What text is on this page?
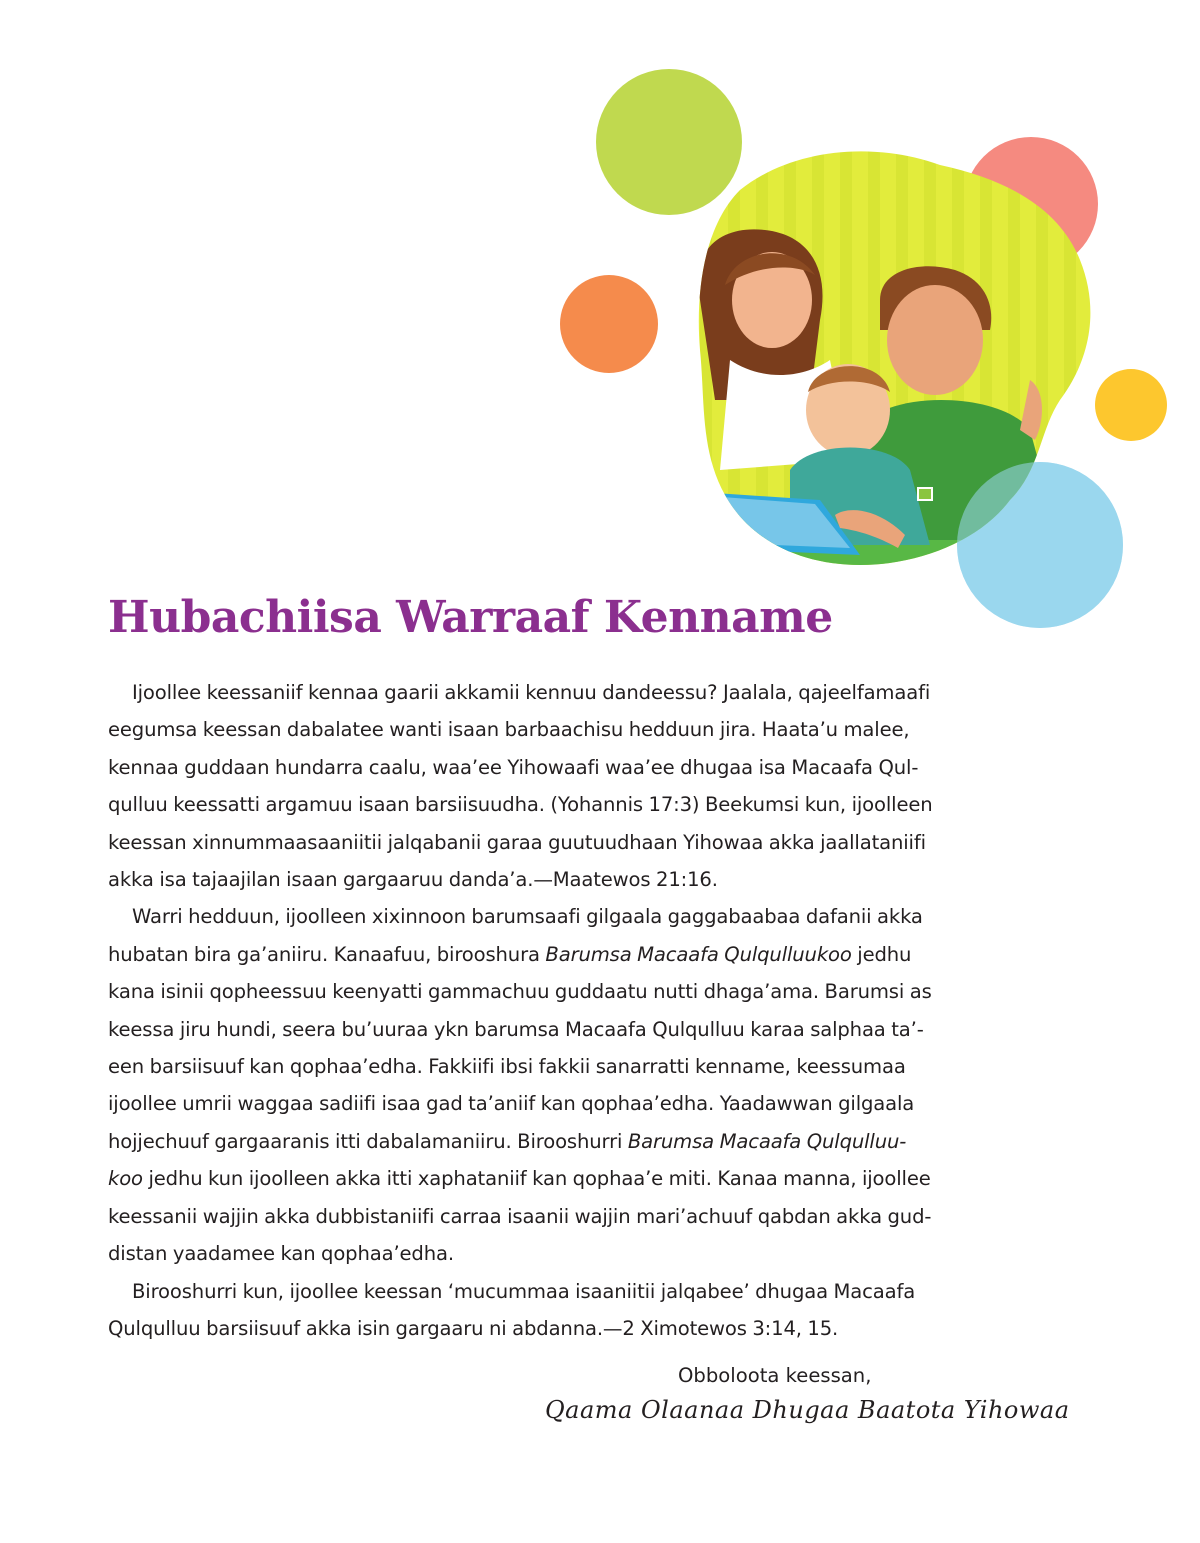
Hubachiisa Warraaf Kenname

Ijoollee keessaniif kennaa gaarii akkamii kennuu dandeessu? Jaalala, qajeelfamaafi
eegumsa keessan dabalatee wanti isaan barbaachisu hedduun jira. Haata’u malee,
kennaa guddaan hundarra caalu, waa’ee Yihowaafi waa’ee dhugaa isa Macaafa Qul-
qulluu keessatti argamuu isaan barsiisuudha. (Yohannis 17:3) Beekumsi kun, ijoolleen
keessan xinnummaasaaniitii jalqabanii garaa guutuudhaan Yihowaa akka jaallataniifi
akka isa tajaajilan isaan gargaaruu danda’a.—Maatewos 21:16.

Warri hedduun, ijoolleen xixinnoon barumsaafi gilgaala gaggabaabaa dafanii akka
hubatan bira ga’aniiru. Kanaafuu, birooshura Barumsa Macaafa Qulqulluukoo jedhu
kana isinii qopheessuu keenyatti gammachuu guddaatu nutti dhaga’ama. Barumsi as
keessa jiru hundi, seera bu’uuraa ykn barumsa Macaafa Qulqulluu karaa salphaa ta’-
een barsiisuuf kan qophaa’edha. Fakkiifi ibsi fakkii sanarratti kenname, keessumaa
ijoollee umrii waggaa sadiifi isaa gad ta’aniif kan qophaa’edha. Yaadawwan gilgaala
hojjechuuf gargaaranis itti dabalamaniiru. Birooshurri Barumsa Macaafa Qulqulluu-
koo jedhu kun ijoolleen akka itti xaphataniif kan qophaa’e miti. Kanaa manna, ijoollee
keessanii wajjin akka dubbistaniifi carraa isaanii wajjin mari’achuuf qabdan akka gud-
distan yaadamee kan qophaa’edha.

Birooshurri kun, ijoollee keessan ‘mucummaa isaaniitii jalqabee’ dhugaa Macaafa
Qulqulluu barsiisuuf akka isin gargaaru ni abdanna.—2 Ximotewos 3:14, 15.

Obboloota keessan,
Qaama Olaanaa Dhugaa Baatota Yihowaa
